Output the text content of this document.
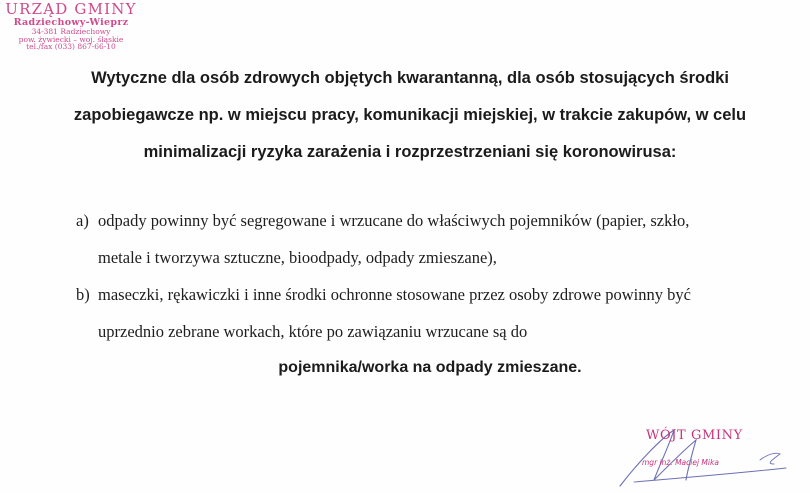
URZĄD GMINY
Radziechowy-Wieprz
34-381 Radziechowy
pow. żywiecki – woj. śląskie
tel./fax (033) 867-66-10
Wytyczne dla osób zdrowych objętych kwarantanną, dla osób stosujących środki
zapobiegawcze np. w miejscu pracy, komunikacji miejskiej, w trakcie zakupów, w celu
minimalizacji ryzyka zarażenia i rozprzestrzeniani się koronowirusa:
a) odpady powinny być segregowane i wrzucane do właściwych pojemników (papier, szkło,
metale i tworzywa sztuczne, bioodpady, odpady zmieszane),
b) maseczki, rękawiczki i inne środki ochronne stosowane przez osoby zdrowe powinny być
uprzednio zebrane workach, które po zawiązaniu wrzucane są do
pojemnika/worka na odpady zmieszane.
WÓJT GMINY
mgr inż. Maciej Mika
